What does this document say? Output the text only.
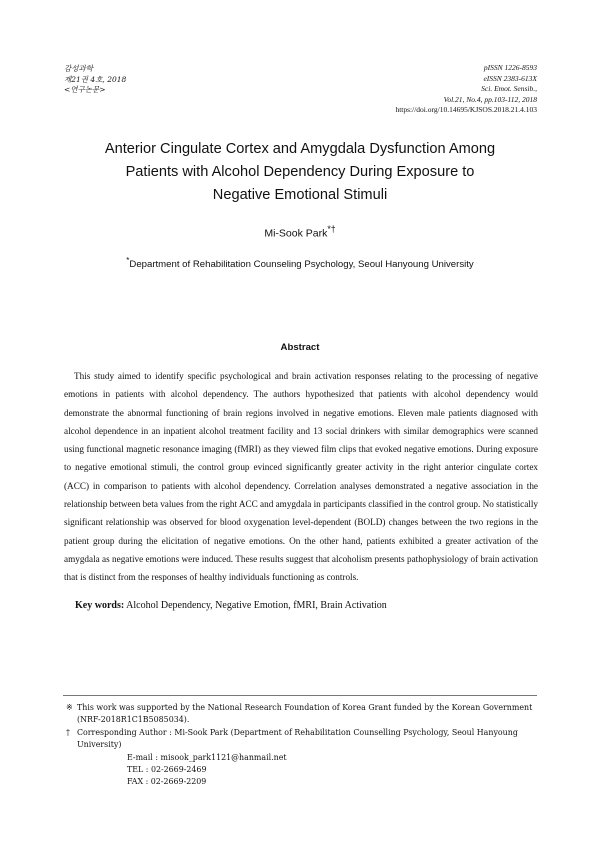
감성과학
제21권 4호, 2018
<연구논문>
pISSN 1226-8593
eISSN 2383-613X
Sci. Emot. Sensib.,
Vol.21, No.4, pp.103-112, 2018
https://doi.org/10.14695/KJSOS.2018.21.4.103
Anterior Cingulate Cortex and Amygdala Dysfunction Among
Patients with Alcohol Dependency During Exposure to
Negative Emotional Stimuli
Mi-Sook Park*†
*Department of Rehabilitation Counseling Psychology, Seoul Hanyoung University
Abstract
This study aimed to identify specific psychological and brain activation responses relating to the processing of negative emotions in patients with alcohol dependency. The authors hypothesized that patients with alcohol dependency would demonstrate the abnormal functioning of brain regions involved in negative emotions. Eleven male patients diagnosed with alcohol dependence in an inpatient alcohol treatment facility and 13 social drinkers with similar demographics were scanned using functional magnetic resonance imaging (fMRI) as they viewed film clips that evoked negative emotions. During exposure to negative emotional stimuli, the control group evinced significantly greater activity in the right anterior cingulate cortex (ACC) in comparison to patients with alcohol dependency. Correlation analyses demonstrated a negative association in the relationship between beta values from the right ACC and amygdala in participants classified in the control group. No statistically significant relationship was observed for blood oxygenation level-dependent (BOLD) changes between the two regions in the patient group during the elicitation of negative emotions. On the other hand, patients exhibited a greater activation of the amygdala as negative emotions were induced. These results suggest that alcoholism presents pathophysiology of brain activation that is distinct from the responses of healthy individuals functioning as controls.
Key words: Alcohol Dependency, Negative Emotion, fMRI, Brain Activation
※ This work was supported by the National Research Foundation of Korea Grant funded by the Korean Government
(NRF-2018R1C1B5085034).
† Corresponding Author : Mi-Sook Park (Department of Rehabilitation Counselling Psychology, Seoul Hanyoung University)
E-mail : misook_park1121@hanmail.net
TEL : 02-2669-2469
FAX : 02-2669-2209
